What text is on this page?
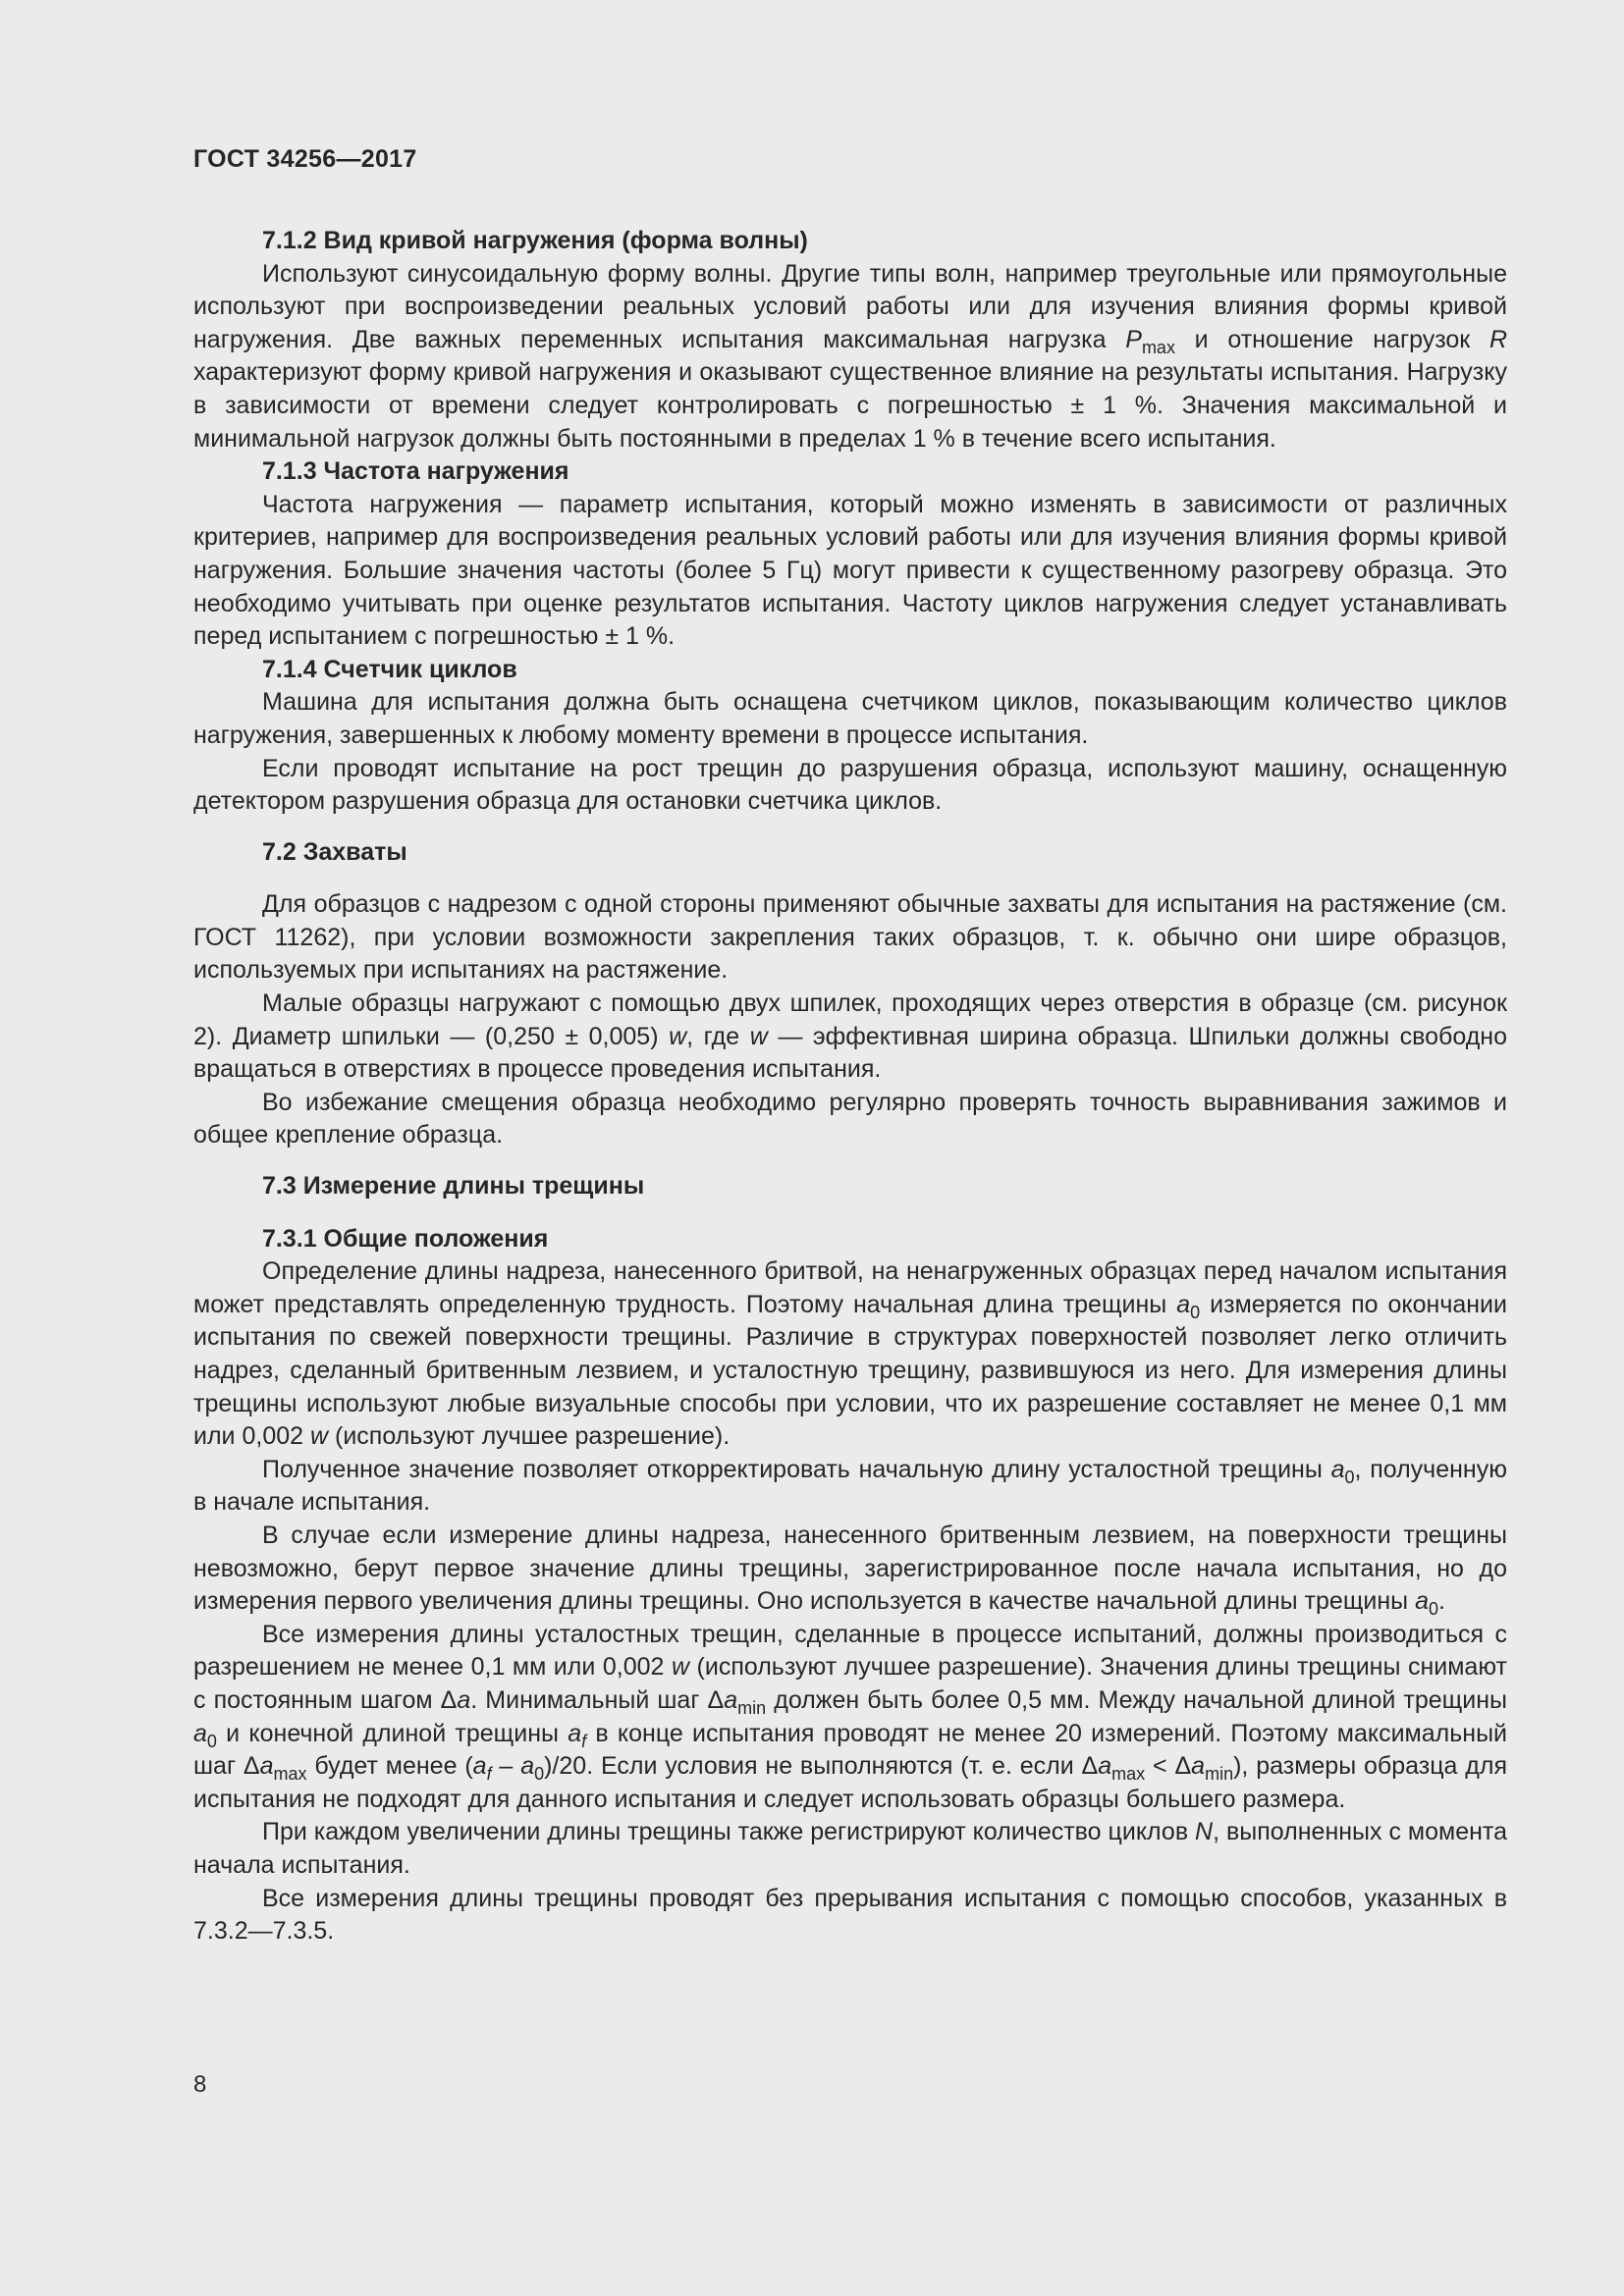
ГОСТ 34256—2017

7.1.2 Вид кривой нагружения (форма волны)

Используют синусоидальную форму волны. Другие типы волн, например треугольные или прямоугольные используют при воспроизведении реальных условий работы или для изучения влияния формы кривой нагружения. Две важных переменных испытания максимальная нагрузка $P_{max}$ и отношение нагрузок R характеризуют форму кривой нагружения и оказывают существенное влияние на результаты испытания. Нагрузку в зависимости от времени следует контролировать с погрешностью ± 1 %. Значения максимальной и минимальной нагрузок должны быть постоянными в пределах 1 % в течение всего испытания.

7.1.3 Частота нагружения

Частота нагружения — параметр испытания, который можно изменять в зависимости от различных критериев, например для воспроизведения реальных условий работы или для изучения влияния формы кривой нагружения. Большие значения частоты (более 5 Гц) могут привести к существенному разогреву образца. Это необходимо учитывать при оценке результатов испытания. Частоту циклов нагружения следует устанавливать перед испытанием с погрешностью ± 1 %.

7.1.4 Счетчик циклов

Машина для испытания должна быть оснащена счетчиком циклов, показывающим количество циклов нагружения, завершенных к любому моменту времени в процессе испытания.

Если проводят испытание на рост трещин до разрушения образца, используют машину, оснащенную детектором разрушения образца для остановки счетчика циклов.

7.2 Захваты

Для образцов с надрезом с одной стороны применяют обычные захваты для испытания на растяжение (см. ГОСТ 11262), при условии возможности закрепления таких образцов, т. к. обычно они шире образцов, используемых при испытаниях на растяжение.

Малые образцы нагружают с помощью двух шпилек, проходящих через отверстия в образце (см. рисунок 2). Диаметр шпильки — (0,250 ± 0,005) w, где w — эффективная ширина образца. Шпильки должны свободно вращаться в отверстиях в процессе проведения испытания.

Во избежание смещения образца необходимо регулярно проверять точность выравнивания зажимов и общее крепление образца.

7.3 Измерение длины трещины

7.3.1 Общие положения

Определение длины надреза, нанесенного бритвой, на ненагруженных образцах перед началом испытания может представлять определенную трудность. Поэтому начальная длина трещины $a_0$ измеряется по окончании испытания по свежей поверхности трещины. Различие в структурах поверхностей позволяет легко отличить надрез, сделанный бритвенным лезвием, и усталостную трещину, развившуюся из него. Для измерения длины трещины используют любые визуальные способы при условии, что их разрешение составляет не менее 0,1 мм или 0,002 w (используют лучшее разрешение).

Полученное значение позволяет откорректировать начальную длину усталостной трещины $a_0$, полученную в начале испытания.

В случае если измерение длины надреза, нанесенного бритвенным лезвием, на поверхности трещины невозможно, берут первое значение длины трещины, зарегистрированное после начала испытания, но до измерения первого увеличения длины трещины. Оно используется в качестве начальной длины трещины $a_0$.

Все измерения длины усталостных трещин, сделанные в процессе испытаний, должны производиться с разрешением не менее 0,1 мм или 0,002 w (используют лучшее разрешение). Значения длины трещины снимают с постоянным шагом Δa. Минимальный шаг $\Delta a_{min}$ должен быть более 0,5 мм. Между начальной длиной трещины $a_0$ и конечной длиной трещины $a_f$ в конце испытания проводят не менее 20 измерений. Поэтому максимальный шаг $\Delta a_{max}$ будет менее $(a_f - a_0)/20$. Если условия не выполняются (т. е. если $\Delta a_{max} < \Delta a_{min}$), размеры образца для испытания не подходят для данного испытания и следует использовать образцы большего размера.

При каждом увеличении длины трещины также регистрируют количество циклов N, выполненных с момента начала испытания.

Все измерения длины трещины проводят без прерывания испытания с помощью способов, указанных в 7.3.2—7.3.5.

8
